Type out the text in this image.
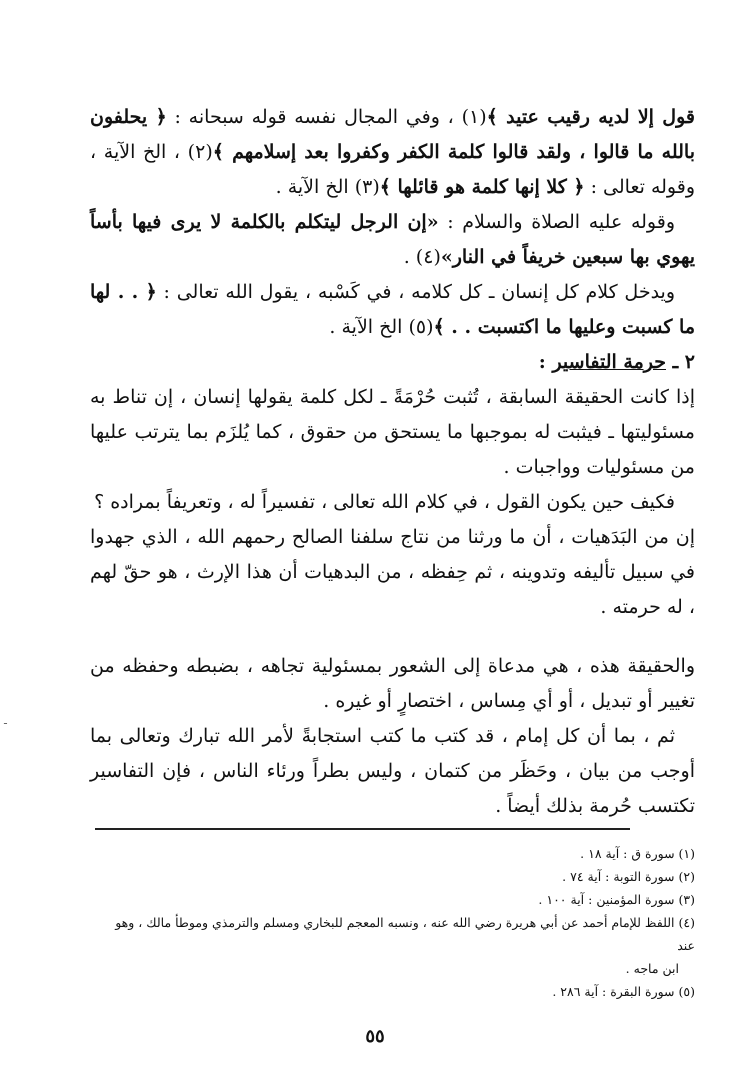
قول إلا لديه رقيب عتيد ﴾(١) ، وفي المجال نفسه قوله سبحانه : ﴿ يحلفون بالله ما قالوا ، ولقد قالوا كلمة الكفر وكفروا بعد إسلامهم ﴾(٢) ، الخ الآية ، وقوله تعالى : ﴿ كلا إنها كلمة هو قائلها ﴾(٣) الخ الآية .

وقوله عليه الصلاة والسلام : «إن الرجل ليتكلم بالكلمة لا يرى فيها بأساً يهوي بها سبعين خريفاً في النار»(٤) .

ويدخل كلام كل إنسان ـ كل كلامه ، في كَسْبه ، يقول الله تعالى : ﴿ . . لها ما كسبت وعليها ما اكتسبت . . ﴾(٥) الخ الآية .

٢ ـ حرمة التفاسير :

إذا كانت الحقيقة السابقة ، تُثبت حُرْمَةً ـ لكل كلمة يقولها إنسان ، إن تناط به مسئوليتها ـ فيثبت له بموجبها ما يستحق من حقوق ، كما يُلزَم بما يترتب عليها من مسئوليات وواجبات .

فكيف حين يكون القول ، في كلام الله تعالى ، تفسيراً له ، وتعريفاً بمراده ؟

إن من البَدَهيات ، أن ما ورثنا من نتاج سلفنا الصالح رحمهم الله ، الذي جهدوا في سبيل تأليفه وتدوينه ، ثم حِفظه ، من البدهيات أن هذا الإرث ، هو حقّ لهم ، له حرمته .

والحقيقة هذه ، هي مدعاة إلى الشعور بمسئولية تجاهه ، بضبطه وحفظه من تغيير أو تبديل ، أو أي مِساس ، اختصارٍ أو غيره .

ثم ، بما أن كل إمام ، قد كتب ما كتب استجابةً لأمر الله تبارك وتعالى بما أوجب من بيان ، وحَظَر من كتمان ، وليس بطراً ورئاء الناس ، فإن التفاسير تكتسب حُرمة بذلك أيضاً .

(١) سورة ق : آية ١٨ .
(٢) سورة التوبة : آية ٧٤ .
(٣) سورة المؤمنين : آية ١٠٠ .
(٤) اللفظ للإمام أحمد عن أبي هريرة رضي الله عنه ، ونسبه المعجم للبخاري ومسلم والترمذي وموطأ مالك ، وهو عند
ابن ماجه .
(٥) سورة البقرة : آية ٢٨٦ .
٥٥
ـ
